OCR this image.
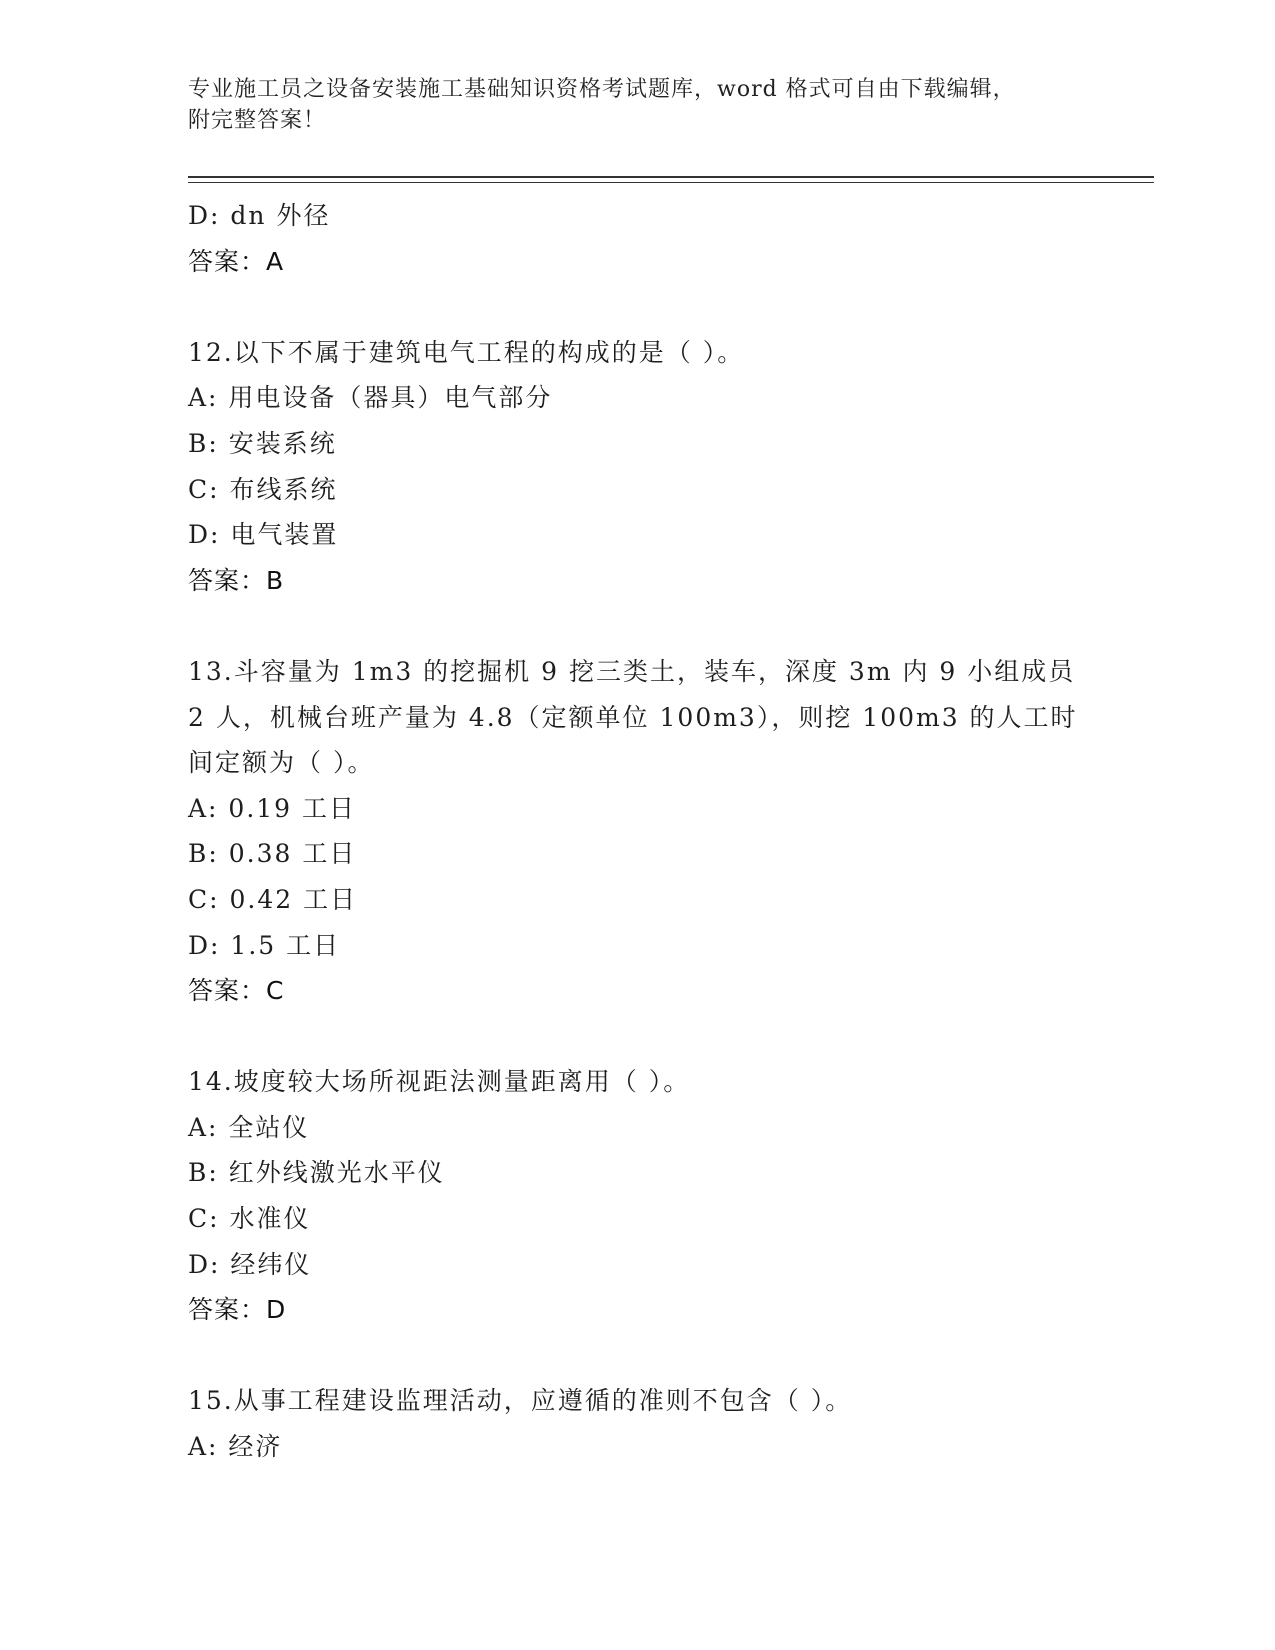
专业施工员之设备安装施工基础知识资格考试题库，word 格式可自由下载编辑，
附完整答案！
D: dn 外径
答案：A
12.以下不属于建筑电气工程的构成的是（ ）。
A: 用电设备（器具）电气部分
B: 安装系统
C: 布线系统
D: 电气装置
答案：B
13.斗容量为 1m3 的挖掘机 9 挖三类土，装车，深度 3m 内 9 小组成员
2 人，机械台班产量为 4.8（定额单位 100m3），则挖 100m3 的人工时
间定额为（ ）。
A: 0.19 工日
B: 0.38 工日
C: 0.42 工日
D: 1.5 工日
答案：C
14.坡度较大场所视距法测量距离用（ ）。
A: 全站仪
B: 红外线激光水平仪
C: 水准仪
D: 经纬仪
答案：D
15.从事工程建设监理活动，应遵循的准则不包含（ ）。
A: 经济
